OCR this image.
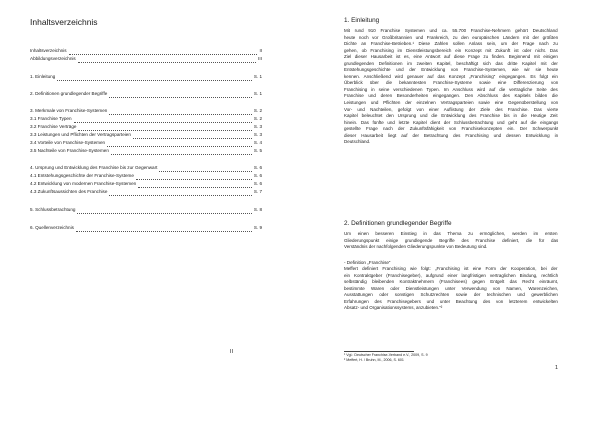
Inhaltsverzeichnis
Inhaltsverzeichnis	II
Abbildungsverzeichnis	III
1. Einleitung	S. 1
2. Definitionen grundlegender Begriffe	S. 1
3. Merkmale von Franchise-Systemen	S. 2
3.1 Franchise Typen	S. 2
3.2 Franchise Verträge	S. 3
3.3 Leistungen und Pflichten der Vertragsparteien	S. 3
3.4 Vorteile von Franchise-Systemen	S. 4
3.5 Nachteile von Franchise-Systemen	S. 5
4. Ursprung und Entwicklung des Franchise bis zur Gegenwart	S. 6
4.1 Entstehungsgeschichte der Franchise-Systeme	S. 6
4.2 Entwicklung von modernen Franchise-Systemen	S. 6
4.3 Zukunftsaussichten des Franchise	S. 7
5. Schlussbetrachtung	S. 8
6. Quellenverzeichnis	S. 9
II
1. Einleitung
Mit rund 910 Franchise Systemen und ca. 55.700 Franchise-Nehmern gehört Deutschland
heute noch vor Großbritannien und Frankreich, zu den europäischen Ländern mit der größten
Dichte an Franchise-Betrieben.¹ Diese Zahlen sollen Anlass sein, um der Frage nach zu
gehen, ob Franchising im Dienstleistungsbereich ein Konzept mit Zukunft ist oder nicht. Das
Ziel dieser Hausarbeit ist es, eine Antwort auf diese Frage zu finden. Beginnend mit einigen
grundlegenden Definitionen im zweiten Kapitel, beschäftigt sich das dritte Kapitel mit der
Entstehungsgeschichte und der Entwicklung von Franchise-Systemen, wie wir sie heute
kennen. Anschließend wird genauer auf das Konzept „Franchising“ eingegangen. Es folgt ein
Überblick über die bekanntesten Franchise-Systeme sowie eine Differenzierung von
Franchising in seine verschiedenen Typen. Im Anschluss wird auf die vertragliche Seite des
Franchise und deren Besonderheiten eingegangen. Den Abschluss des Kapitels bilden die
Leistungen und Pflichten der einzelnen Vertragsparteien sowie eine Gegenüberstellung von
Vor- und Nachteilen, gefolgt von einer Auflistung der Ziele des Franchise. Das vierte
Kapitel beleuchtet den Ursprung und die Entwicklung des Franchise bis in die Heutige Zeit
hinein. Das fünfte und letzte Kapitel dient der Schlussbetrachtung und geht auf die eingangs
gestellte Frage nach der Zukunftsfähigkeit von Franchisekonzepten ein. Der Schwerpunkt
dieser Hausarbeit liegt auf der Betrachtung des Franchising und dessen Entwicklung in
Deutschland.
2. Definitionen grundlegender Begriffe
Um einen besseren Einstieg in das Thema zu ermöglichen, werden im ersten
Gliederungspunkt einige grundlegende Begriffe des Franchise definiert, die für das
Verständnis der nachfolgenden Gliederungspunkte von Bedeutung sind.
- Definition „Franchise“
Meffert definiert Franchising wie folgt: „Franchising ist eine Form der Kooperation, bei der
ein Kontraktgeber (Franchisegeber), aufgrund einer langfristigen vertraglichen Bindung, rechtlich
selbständig bleibenden Kontraktnehmern (Franchisees) gegen Entgelt das Recht einräumt,
bestimmte Waren oder Dienstleistungen unter Verwendung von Namen, Warenzeichen,
Ausstattungen oder sonstigen Schutzrechten sowie der technischen und gewerblichen
Erfahrungen des Franchisegebers und unter Beachtung des von letzterem entwickelten
Absatz- und Organisationssystems, anzubieten.“²
¹ Vgl.: Deutscher Franchise-Verband e.V., 2009, S. 9
² Meffert, H. / Bruhn, M., 2006, S. 601
1
